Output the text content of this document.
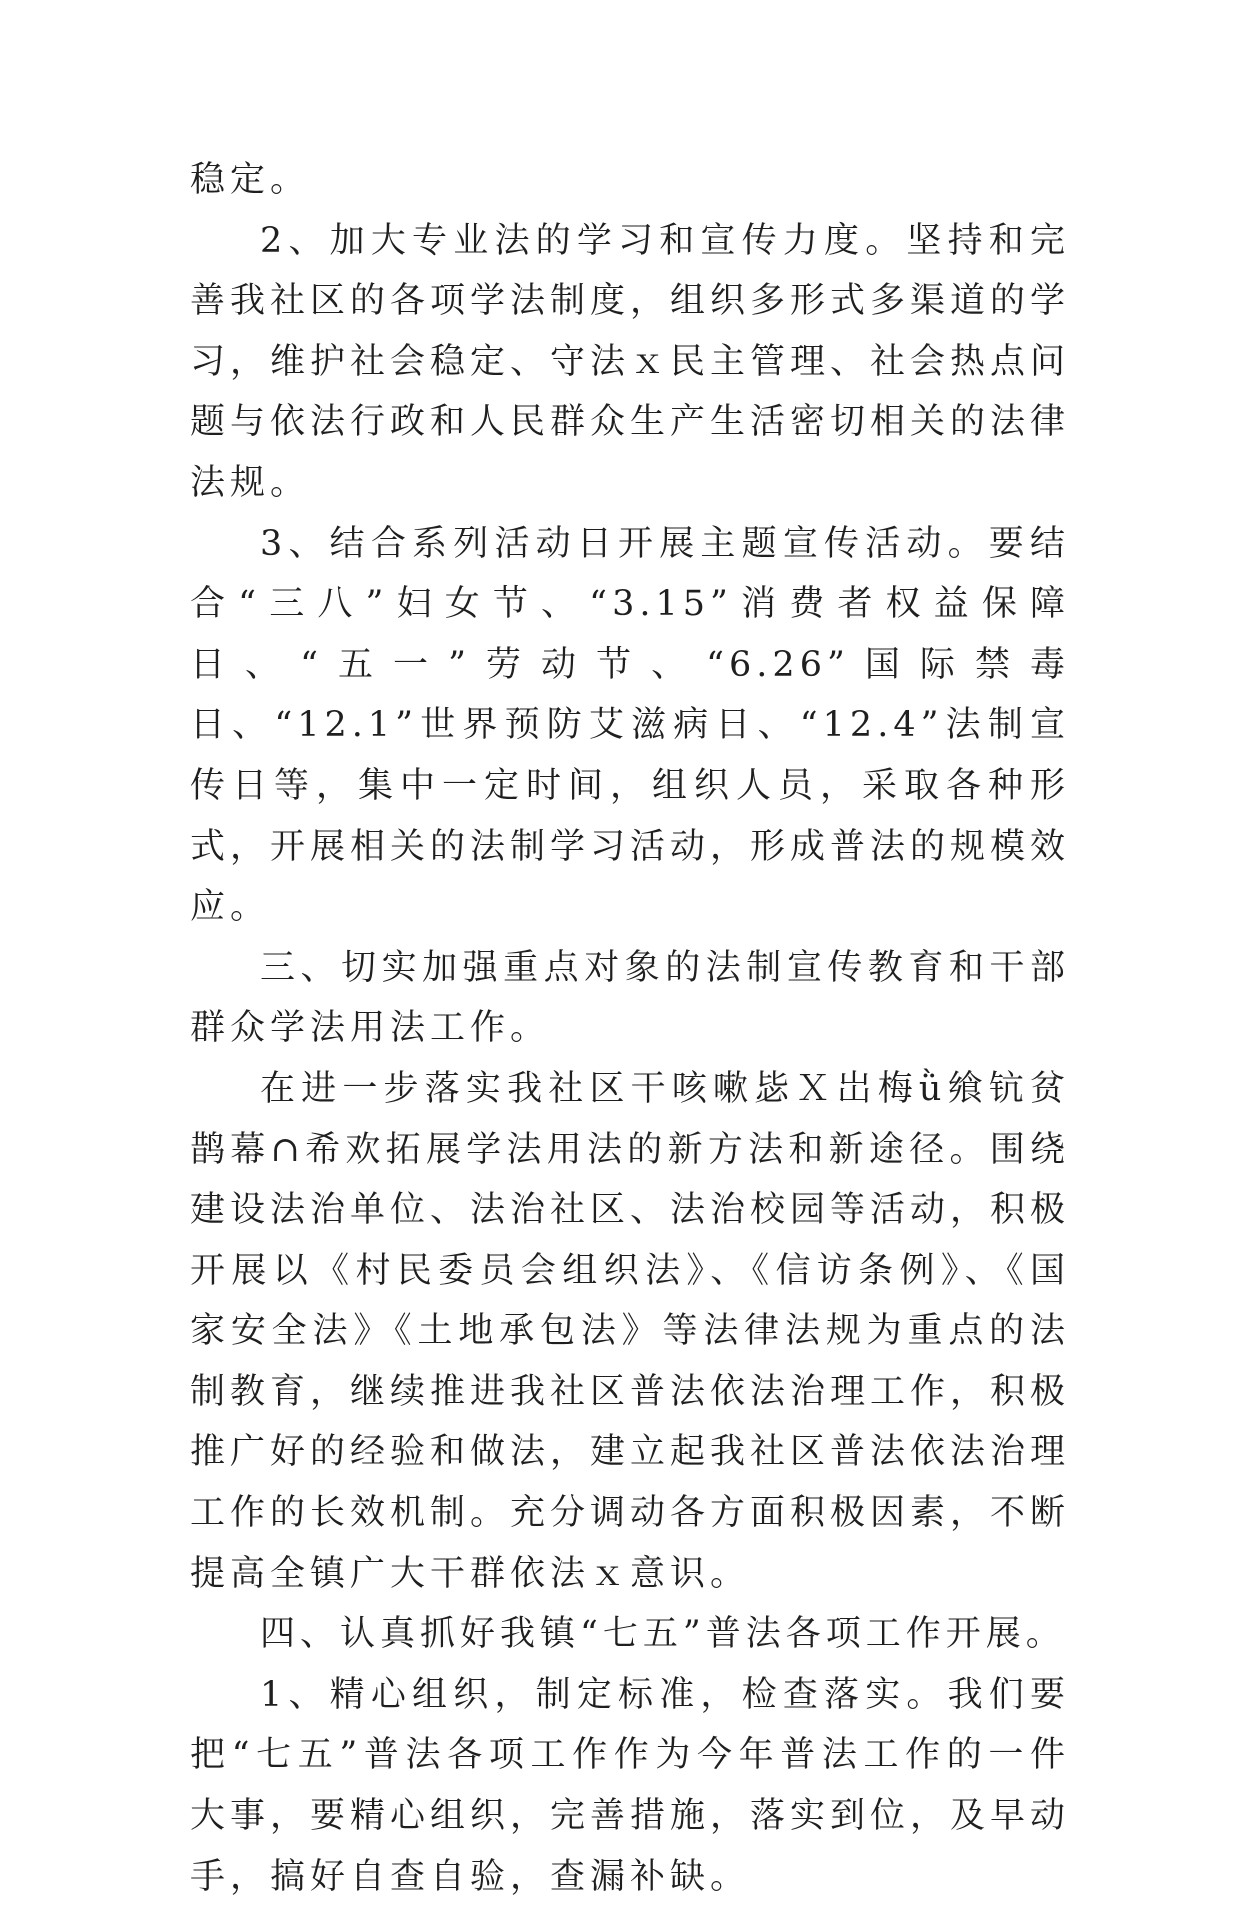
稳定。

2、加大专业法的学习和宣传力度。坚持和完善我社区的各项学法制度，组织多形式多渠道的学习，维护社会稳定、守法ｘ民主管理、社会热点问题与依法行政和人民群众生产生活密切相关的法律法规。

3、结合系列活动日开展主题宣传活动。要结合“三八”妇女节、“3.15”消费者权益保障日、“五一”劳动节、“6.26”国际禁毒日、“12.1”世界预防艾滋病日、“12.4”法制宣传日等，集中一定时间，组织人员，采取各种形式，开展相关的法制学习活动，形成普法的规模效应。

三、切实加强重点对象的法制宣传教育和干部群众学法用法工作。

在进一步落实我社区干咳嗽毖Ｘ岀梅ǜ飨钪贫鹊幕∩希欢拓展学法用法的新方法和新途径。围绕建设法治单位、法治社区、法治校园等活动，积极开展以《村民委员会组织法》、《信访条例》、《国家安全法》《土地承包法》等法律法规为重点的法制教育，继续推进我社区普法依法治理工作，积极推广好的经验和做法，建立起我社区普法依法治理工作的长效机制。充分调动各方面积极因素，不断提高全镇广大干群依法ｘ意识。

四、认真抓好我镇“七五”普法各项工作开展。

1、精心组织，制定标准，检查落实。我们要把“七五”普法各项工作作为今年普法工作的一件大事，要精心组织，完善措施，落实到位，及早动手，搞好自查自验，查漏补缺。
